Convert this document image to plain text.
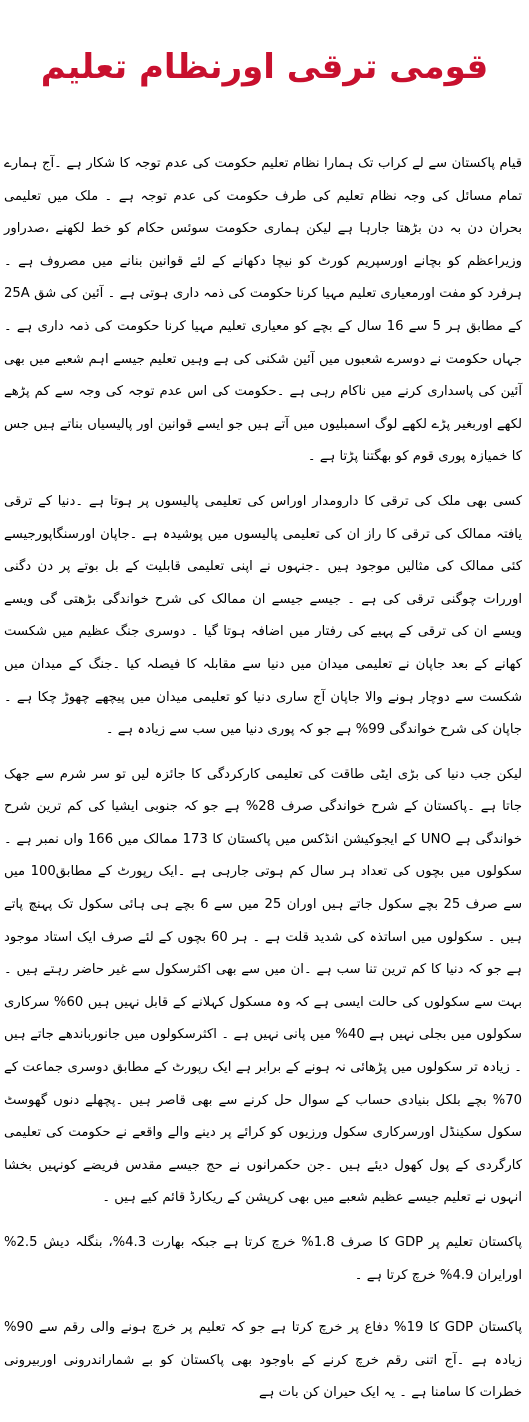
قومی ترقی اورنظام تعلیم

قیام پاکستان سے لے کراب تک ہمارا نظام تعلیم حکومت کی عدم توجہ کا شکار ہے ۔آج ہمارے تمام مسائل کی وجہ نظام تعلیم کی طرف حکومت کی عدم توجہ ہے ۔ ملک میں تعلیمی بحران دن بہ دن بڑھتا جارہا ہے لیکن ہماری حکومت سوئس حکام کو خط لکھنے ،صدراور وزیراعظم کو بچانے اورسپریم کورٹ کو نیچا دکھانے کے لئے قوانین بنانے میں مصروف ہے ۔ ہرفرد کو مفت اورمعیاری تعلیم مہیا کرنا حکومت کی ذمہ داری ہوتی ہے ۔ آئین کی شق 25A کے مطابق ہر 5 سے 16 سال کے بچے کو معیاری تعلیم مہیا کرنا حکومت کی ذمہ داری ہے ۔جہاں حکومت نے دوسرے شعبوں میں آئین شکنی کی ہے وہیں تعلیم جیسے اہم شعبے میں بھی آئین کی پاسداری کرنے میں ناکام رہی ہے ۔حکومت کی اس عدم توجہ کی وجہ سے کم پڑھے لکھے اوربغیر پڑے لکھے لوگ اسمبلیوں میں آتے ہیں جو ایسے قوانین اور پالیسیاں بناتے ہیں جس کا خمیازہ پوری قوم کو بھگتنا پڑتا ہے ۔

کسی بھی ملک کی ترقی کا دارومدار اوراس کی تعلیمی پالیسوں پر ہوتا ہے ۔دنیا کے ترقی یافتہ ممالک کی ترقی کا راز ان کی تعلیمی پالیسوں میں پوشیدہ ہے ۔جاپان اورسنگاپورجیسے کئی ممالک کی مثالیں موجود ہیں ۔جنہوں نے اپنی تعلیمی قابلیت کے بل بوتے پر دن دگنی اوررات چوگنی ترقی کی ہے ۔ جیسے جیسے ان ممالک کی شرح خواندگی بڑھتی گی ویسے ویسے ان کی ترقی کے پہیے کی رفتار میں اضافہ ہوتا گیا ۔ دوسری جنگ عظیم میں شکست کھانے کے بعد جاپان نے تعلیمی میدان میں دنیا سے مقابلہ کا فیصلہ کیا ۔جنگ کے میدان میں شکست سے دوچار ہونے والا جاپان آج ساری دنیا کو تعلیمی میدان میں پیچھے چھوڑ چکا ہے ۔ جاپان کی شرح خواندگی 99% ہے جو کہ پوری دنیا میں سب سے زیادہ ہے ۔

لیکن جب دنیا کی بڑی ایٹی طاقت کی تعلیمی کارکردگی کا جائزہ لیں تو سر شرم سے جھک جاتا ہے ۔پاکستان کے شرح خواندگی صرف 28% ہے جو کہ جنوبی ایشیا کی کم ترین شرح خواندگی ہے UNO کے ایجوکیشن انڈکس میں پاکستان کا 173 ممالک میں 166 واں نمبر ہے ۔سکولوں میں بچوں کی تعداد ہر سال کم ہوتی جارہی ہے ۔ایک رپورٹ کے مطابق100 میں سے صرف 25 بچے سکول جاتے ہیں اوران 25 میں سے 6 بچے ہی ہائی سکول تک پہنچ پاتے ہیں ۔ سکولوں میں اساتذہ کی شدید قلت ہے ۔ ہر 60 بچوں کے لئے صرف ایک استاد موجود ہے جو کہ دنیا کا کم ترین تنا سب ہے ۔ان میں سے بھی اکثرسکول سے غیر حاضر رہتے ہیں ۔بہت سے سکولوں کی حالت ایسی ہے کہ وہ مسکول کہلانے کے قابل نہیں ہیں 60% سرکاری سکولوں میں بجلی نہیں ہے 40% میں پانی نہیں ہے ۔ اکثرسکولوں میں جانورباندھے جاتے ہیں ۔ زیادہ تر سکولوں میں پڑھائی نہ ہونے کے برابر ہے ایک رپورٹ کے مطابق دوسری جماعت کے 70% بچے بلکل بنیادی حساب کے سوال حل کرنے سے بھی قاصر ہیں ۔پچھلے دنوں گھوسٹ سکول سکینڈل اورسرکاری سکول ورزیوں کو کرائے پر دینے والے واقعے نے حکومت کی تعلیمی کارگردی کے پول کھول دیئے ہیں ۔جن حکمرانوں نے حج جیسے مقدس فریضے کونہیں بخشا انہوں نے تعلیم جیسے عظیم شعبے میں بھی کرپشن کے ریکارڈ قائم کیے ہیں ۔

پاکستان تعلیم پر GDP کا صرف 1.8% خرچ کرتا ہے جبکہ بھارت 4.3%، بنگلہ دیش 2.5% اورایران 4.9% خرچ کرتا ہے ۔

پاکستان GDP کا 19% دفاع پر خرچ کرتا ہے جو کہ تعلیم پر خرچ ہونے والی رقم سے 90% زیادہ ہے ۔آج اتنی رقم خرچ کرنے کے باوجود بھی پاکستان کو بے شماراندرونی اوربیرونی خطرات کا سامنا ہے ۔ یہ ایک حیران کن بات ہے
